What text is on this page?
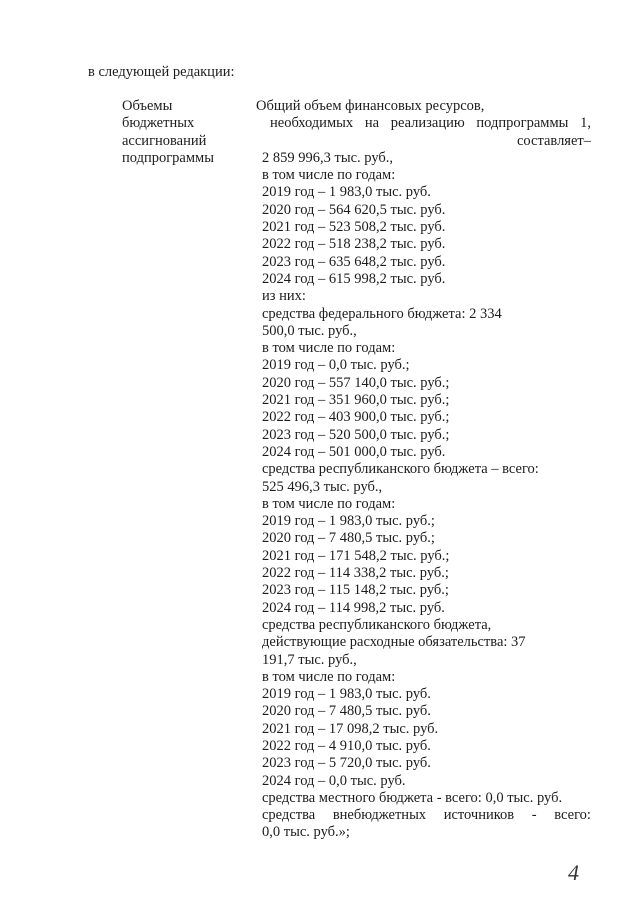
в следующей редакции:
Объемы
бюджетных
ассигнований
подпрограммы
Общий объем финансовых ресурсов,
необходимых на реализацию подпрограммы 1,
составляет–
2 859 996,3 тыс. руб.,
в том числе по годам:
2019 год – 1 983,0 тыс. руб.
2020 год – 564 620,5 тыс. руб.
2021 год – 523 508,2 тыс. руб.
2022 год – 518 238,2 тыс. руб.
2023 год – 635 648,2 тыс. руб.
2024 год – 615 998,2 тыс. руб.
из них:
средства федерального бюджета: 2 334
500,0 тыс. руб.,
в том числе по годам:
2019 год – 0,0 тыс. руб.;
2020 год – 557 140,0 тыс. руб.;
2021 год – 351 960,0 тыс. руб.;
2022 год – 403 900,0 тыс. руб.;
2023 год – 520 500,0 тыс. руб.;
2024 год – 501 000,0 тыс. руб.
средства республиканского бюджета – всего:
525 496,3 тыс. руб.,
в том числе по годам:
2019 год – 1 983,0 тыс. руб.;
2020 год – 7 480,5 тыс. руб.;
2021 год – 171 548,2 тыс. руб.;
2022 год – 114 338,2 тыс. руб.;
2023 год – 115 148,2 тыс. руб.;
2024 год – 114 998,2 тыс. руб.
средства республиканского бюджета,
действующие расходные обязательства: 37
191,7 тыс. руб.,
в том числе по годам:
2019 год – 1 983,0 тыс. руб.
2020 год – 7 480,5 тыс. руб.
2021 год – 17 098,2 тыс. руб.
2022 год – 4 910,0 тыс. руб.
2023 год – 5 720,0 тыс. руб.
2024 год – 0,0 тыс. руб.
средства местного бюджета - всего: 0,0 тыс. руб.
средства внебюджетных источников - всего:
0,0 тыс. руб.»;
4
